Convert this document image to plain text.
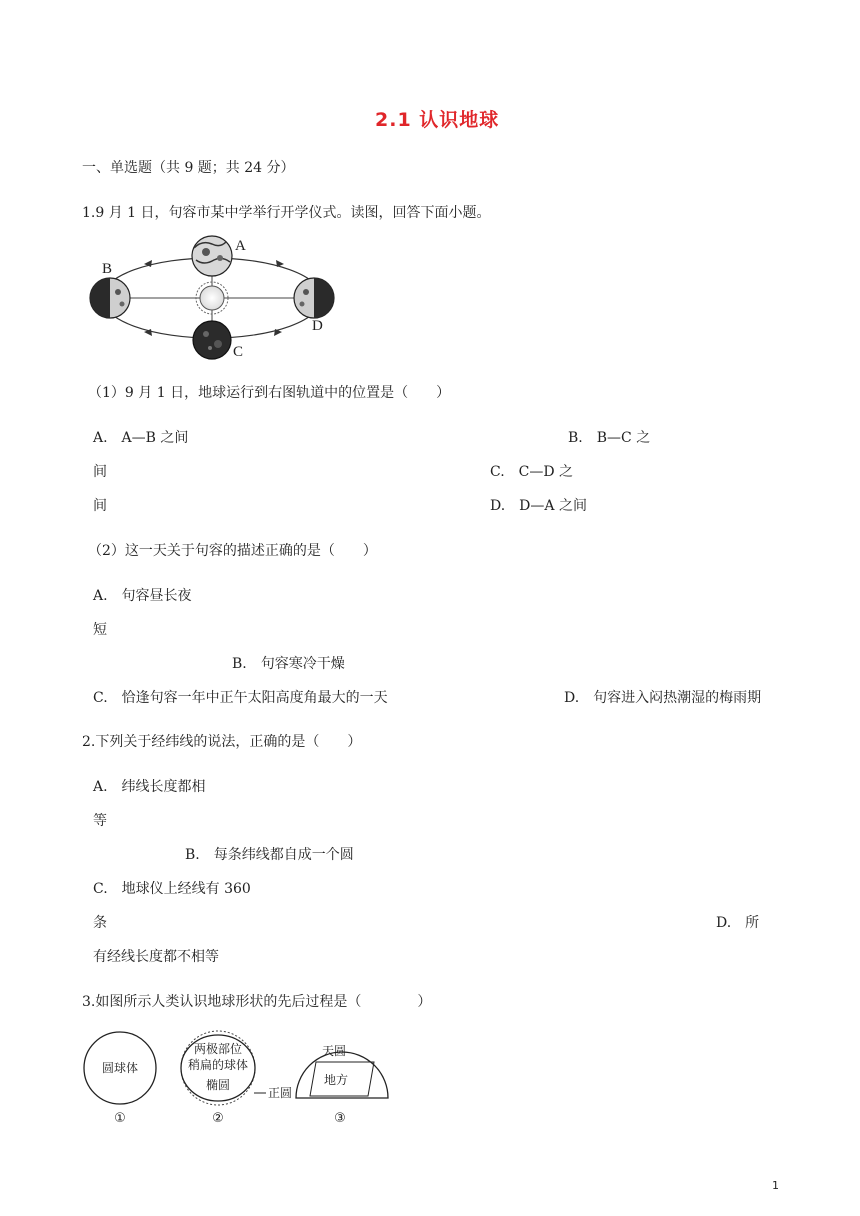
2.1 认识地球
一、单选题（共 9 题；共 24 分）
1.9 月 1 日，句容市某中学举行开学仪式。读图，回答下面小题。
A
B
C
D
（1）9 月 1 日，地球运行到右图轨道中的位置是（　　）
A.　A—B 之间	B.　B—C 之
间	C.　C—D 之
间	D.　D—A 之间
（2）这一天关于句容的描述正确的是（　　）
A.　句容昼长夜
短
B.　句容寒冷干燥
C.　恰逢句容一年中正午太阳高度角最大的一天	D.　句容进入闷热潮湿的梅雨期
2.下列关于经纬线的说法，正确的是（　　）
A.　纬线长度都相
等
B.　每条纬线都自成一个圆
C.　地球仪上经线有 360
条	D.　所
有经线长度都不相等
3.如图所示人类认识地球形状的先后过程是（　　　　）
圆球体
①
两极部位
稍扁的球体
椭圆
正圆
②
天圆
地方
③
1
